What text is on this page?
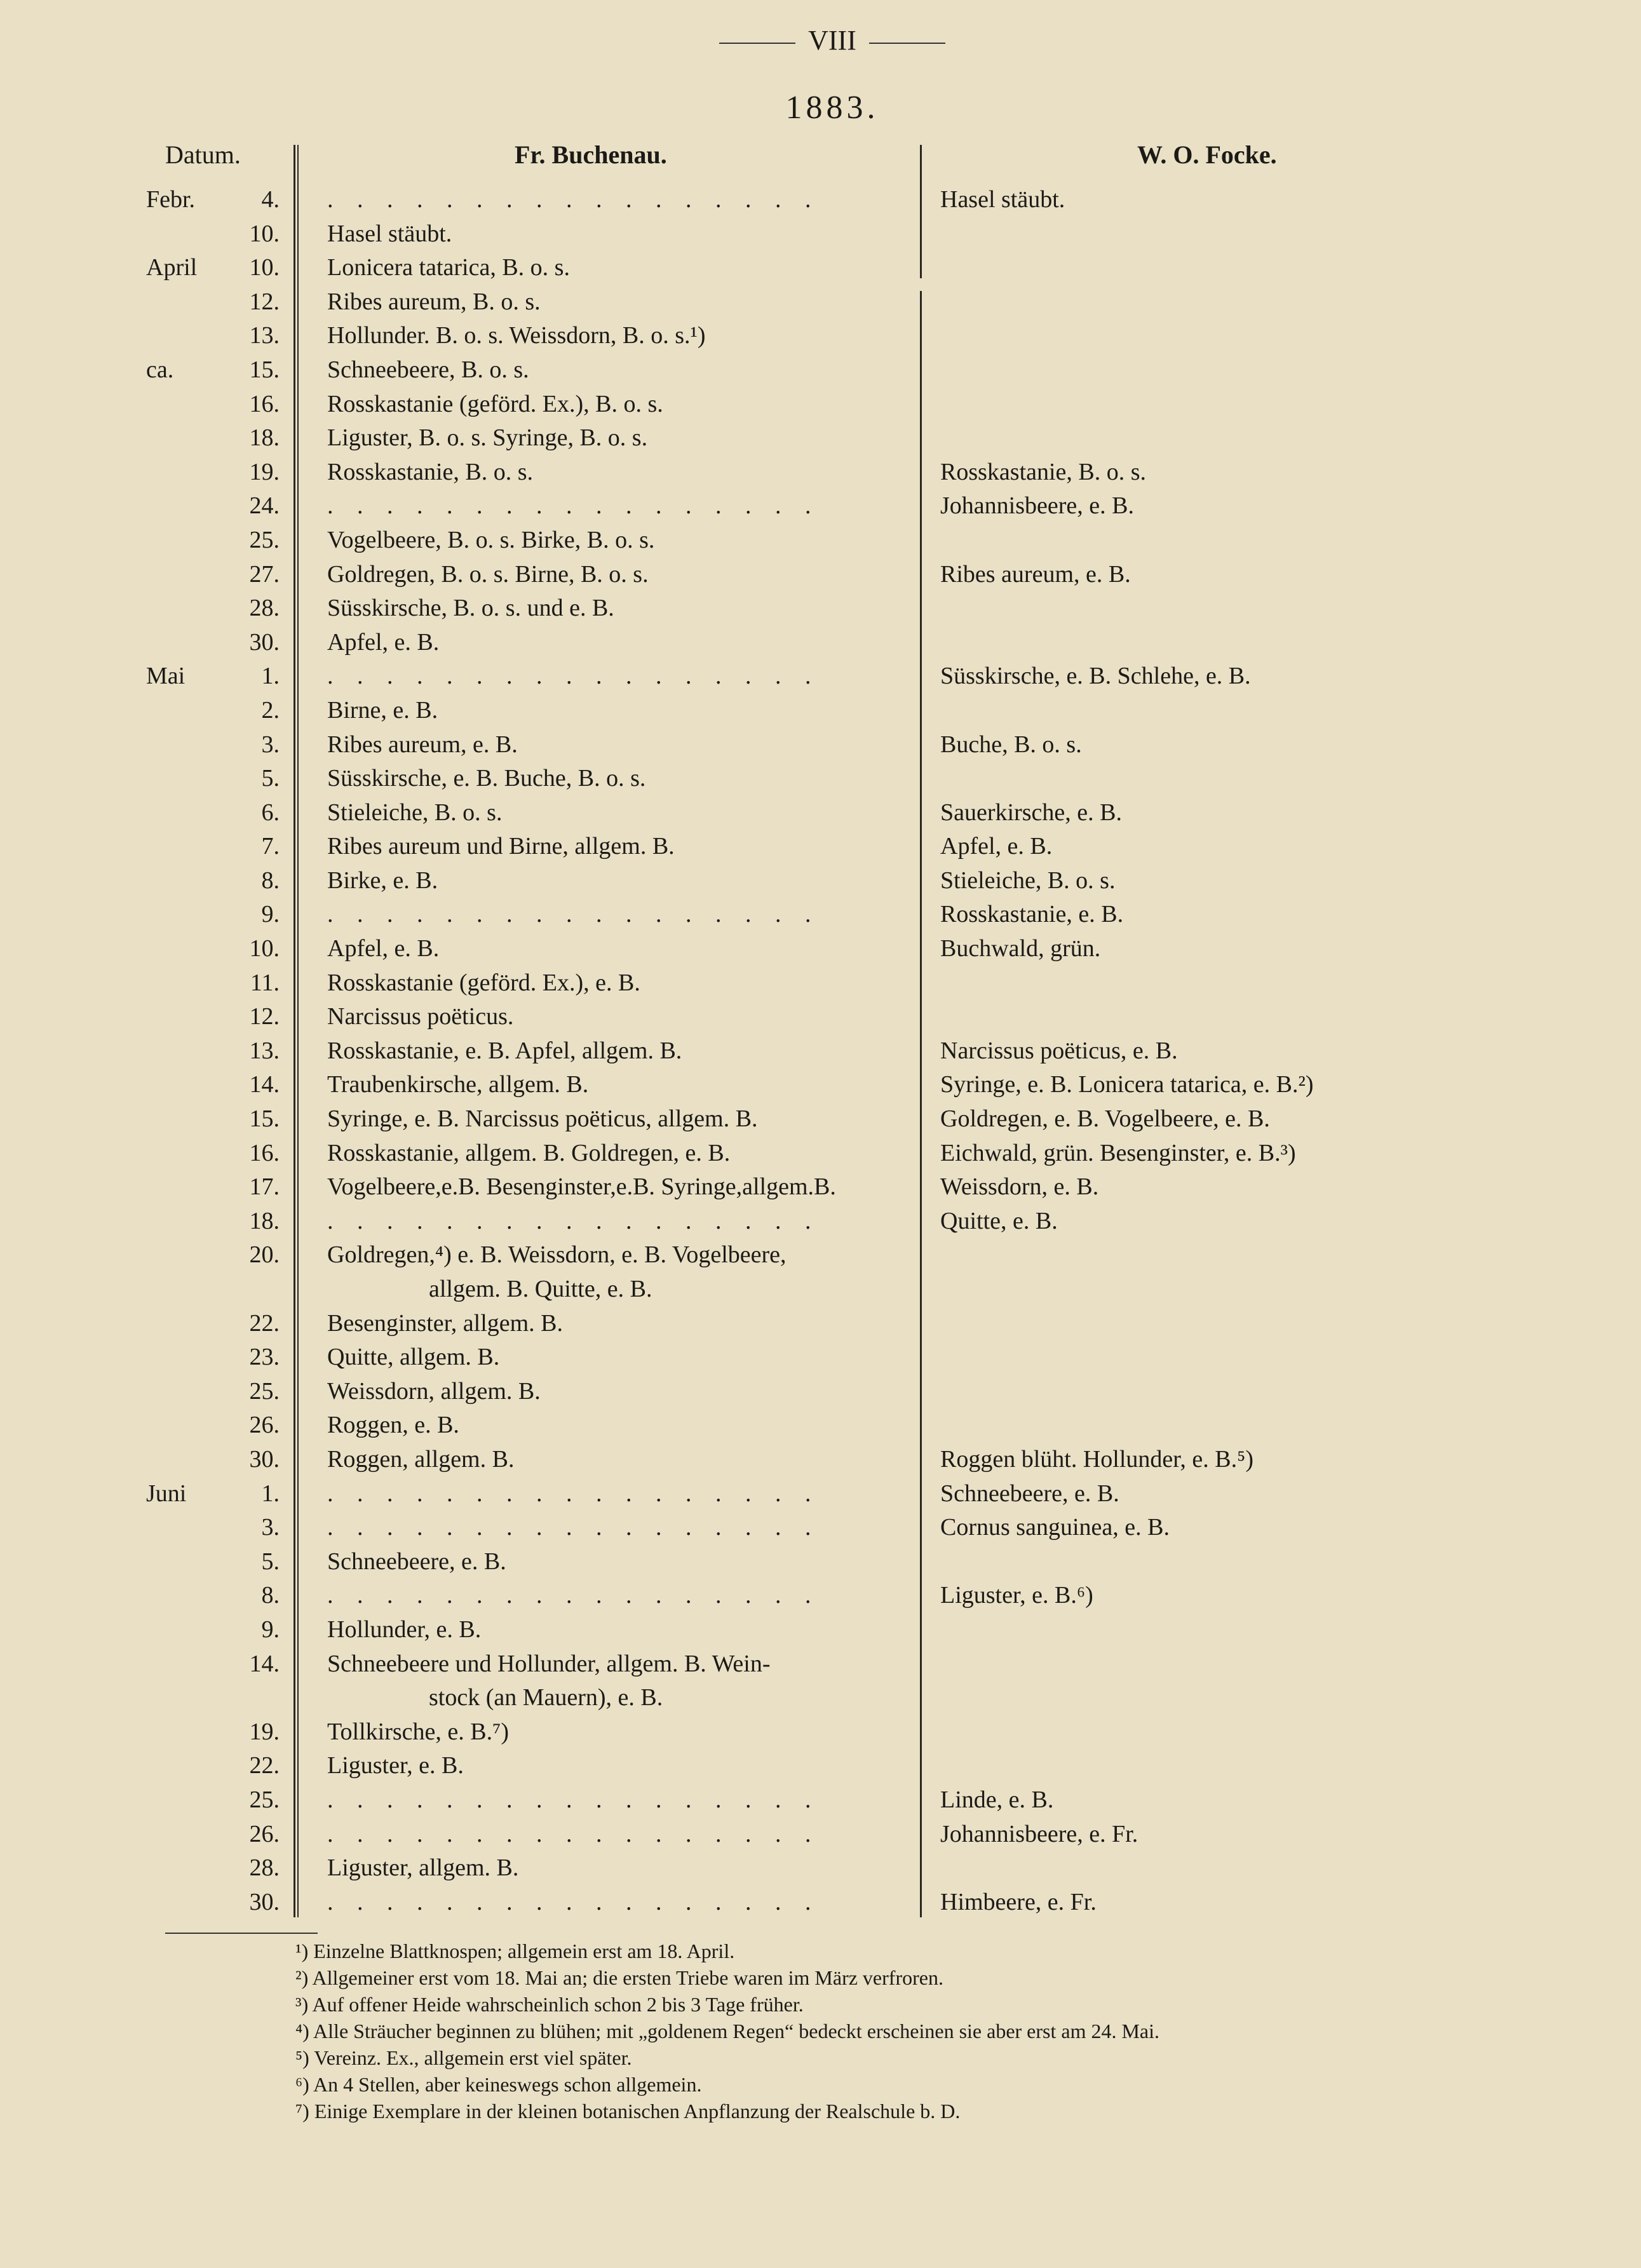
VIII
1883.
Datum.	Fr. Buchenau.	W. O. Focke.
Febr.	4. . . . . . . . . . . . . . . . . .	Hasel stäubt.
10. Hasel stäubt.
April	10. Lonicera tatarica, B. o. s.
12. Ribes aureum, B. o. s.
13. Hollunder. B. o. s. Weissdorn, B. o. s.¹)
ca.	15. Schneebeere, B. o. s.
16. Rosskastanie (geförd. Ex.), B. o. s.
18. Liguster, B. o. s. Syringe, B. o. s.
19. Rosskastanie, B. o. s.	Rosskastanie, B. o. s.
24. . . . . . . . . . . . . . . . . .	Johannisbeere, e. B.
25. Vogelbeere, B. o. s. Birke, B. o. s.
27. Goldregen, B. o. s. Birne, B. o. s.	Ribes aureum, e. B.
28. Süsskirsche, B. o. s. und e. B.
30. Apfel, e. B.
Mai	1. . . . . . . . . . . . . . . . . .	Süsskirsche, e. B. Schlehe, e. B.
2. Birne, e. B.
3. Ribes aureum, e. B.	Buche, B. o. s.
5. Süsskirsche, e. B. Buche, B. o. s.
6. Stieleiche, B. o. s.	Sauerkirsche, e. B.
7. Ribes aureum und Birne, allgem. B.	Apfel, e. B.
8. Birke, e. B.	Stieleiche, B. o. s.
9. . . . . . . . . . . . . . . . . .	Rosskastanie, e. B.
10. Apfel, e. B.	Buchwald, grün.
11. Rosskastanie (geförd. Ex.), e. B.
12. Narcissus poëticus.
13. Rosskastanie, e. B. Apfel, allgem. B.	Narcissus poëticus, e. B.
14. Traubenkirsche, allgem. B.	Syringe, e. B. Lonicera tatarica, e. B.²)
15. Syringe, e. B. Narcissus poëticus, allgem. B.	Goldregen, e. B. Vogelbeere, e. B.
16. Rosskastanie, allgem. B. Goldregen, e. B.	Eichwald, grün. Besenginster, e. B.³)
17. Vogelbeere,e.B. Besenginster,e.B. Syringe,allgem.B.	Weissdorn, e. B.
18. . . . . . . . . . . . . . . . . .	Quitte, e. B.
20. Goldregen,⁴) e. B. Weissdorn, e. B. Vogelbeere,
allgem. B. Quitte, e. B.
22. Besenginster, allgem. B.
23. Quitte, allgem. B.
25. Weissdorn, allgem. B.
26. Roggen, e. B.
30. Roggen, allgem. B.	Roggen blüht. Hollunder, e. B.⁵)
Juni	1. . . . . . . . . . . . . . . . . .	Schneebeere, e. B.
3. . . . . . . . . . . . . . . . . .	Cornus sanguinea, e. B.
5. Schneebeere, e. B.
8. . . . . . . . . . . . . . . . . .	Liguster, e. B.⁶)
9. Hollunder, e. B.
14. Schneebeere und Hollunder, allgem. B. Wein-
stock (an Mauern), e. B.
19. Tollkirsche, e. B.⁷)
22. Liguster, e. B.
25. . . . . . . . . . . . . . . . . .	Linde, e. B.
26. . . . . . . . . . . . . . . . . .	Johannisbeere, e. Fr.
28. Liguster, allgem. B.
30. . . . . . . . . . . . . . . . . .	Himbeere, e. Fr.
¹) Einzelne Blattknospen; allgemein erst am 18. April.
²) Allgemeiner erst vom 18. Mai an; die ersten Triebe waren im März verfroren.
³) Auf offener Heide wahrscheinlich schon 2 bis 3 Tage früher.
⁴) Alle Sträucher beginnen zu blühen; mit „goldenem Regen“ bedeckt erscheinen sie aber erst am 24. Mai.
⁵) Vereinz. Ex., allgemein erst viel später.
⁶) An 4 Stellen, aber keineswegs schon allgemein.
⁷) Einige Exemplare in der kleinen botanischen Anpflanzung der Realschule b. D.
